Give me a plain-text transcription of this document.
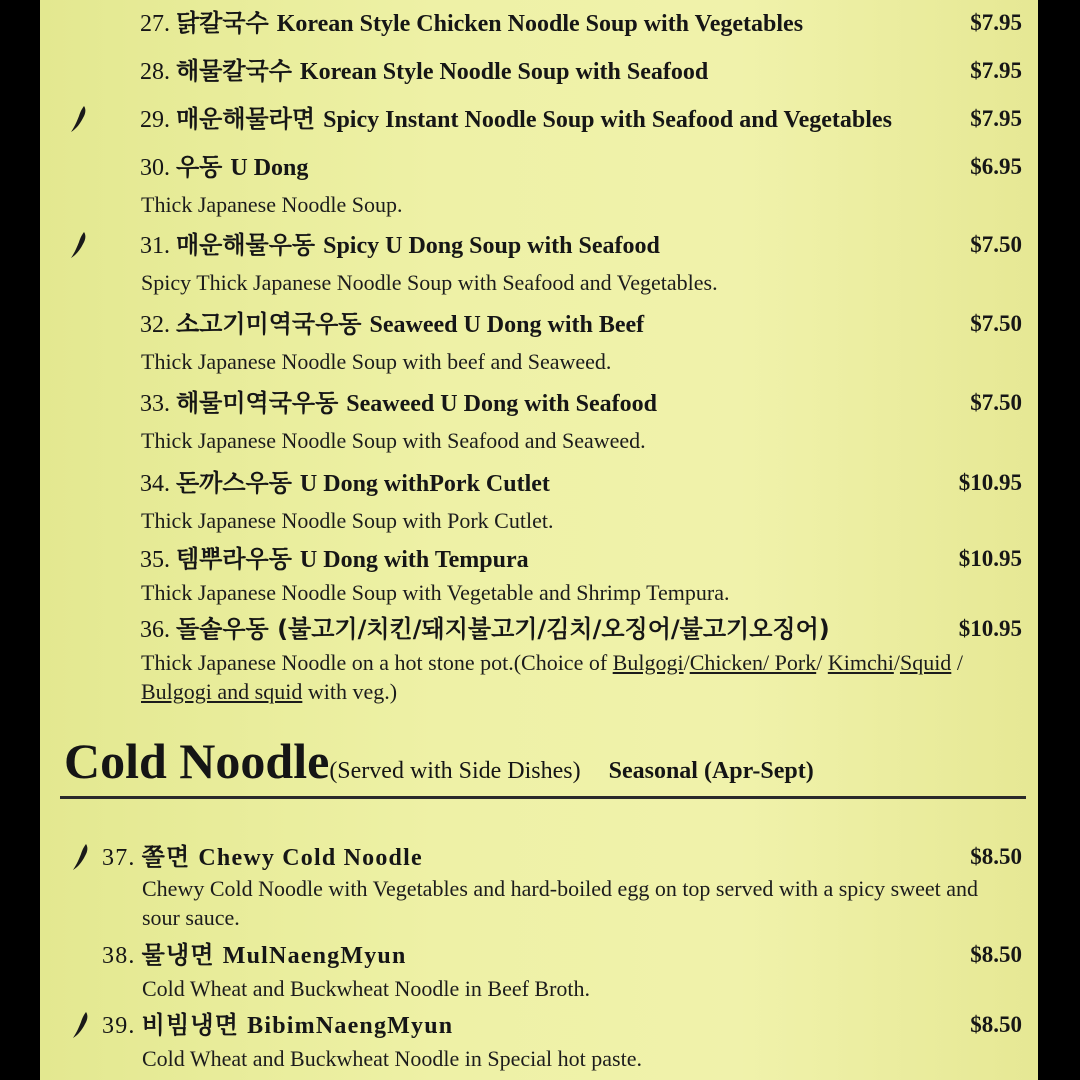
27. 닭칼국수 Korean Style Chicken Noodle Soup with Vegetables	$7.95
28. 해물칼국수 Korean Style Noodle Soup with Seafood	$7.95
29. 매운해물라면 Spicy Instant Noodle Soup with Seafood and Vegetables	$7.95
30. 우동 U Dong	$6.95
Thick Japanese Noodle Soup.
31. 매운해물우동 Spicy U Dong Soup with Seafood	$7.50
Spicy Thick Japanese Noodle Soup with Seafood and Vegetables.
32. 소고기미역국우동 Seaweed U Dong with Beef	$7.50
Thick Japanese Noodle Soup with beef and Seaweed.
33. 해물미역국우동 Seaweed U Dong with Seafood	$7.50
Thick Japanese Noodle Soup with Seafood and Seaweed.
34. 돈까스우동 U Dong withPork Cutlet	$10.95
Thick Japanese Noodle Soup with Pork Cutlet.
35. 템뿌라우동 U Dong with Tempura	$10.95
Thick Japanese Noodle Soup with Vegetable and Shrimp Tempura.
36. 돌솥우동 (불고기/치킨/돼지불고기/김치/오징어/불고기오징어)	$10.95
Thick Japanese Noodle on a hot stone pot.(Choice of Bulgogi/Chicken/ Pork/ Kimchi/Squid / Bulgogi and squid with veg.)
Cold Noodle(Served with Side Dishes) Seasonal (Apr-Sept)
37. 쫄면 Chewy Cold Noodle	$8.50
Chewy Cold Noodle with Vegetables and hard-boiled egg on top served with a spicy sweet and sour sauce.
38. 물냉면 MulNaengMyun	$8.50
Cold Wheat and Buckwheat Noodle in Beef Broth.
39. 비빔냉면 BibimNaengMyun	$8.50
Cold Wheat and Buckwheat Noodle in Special hot paste.
